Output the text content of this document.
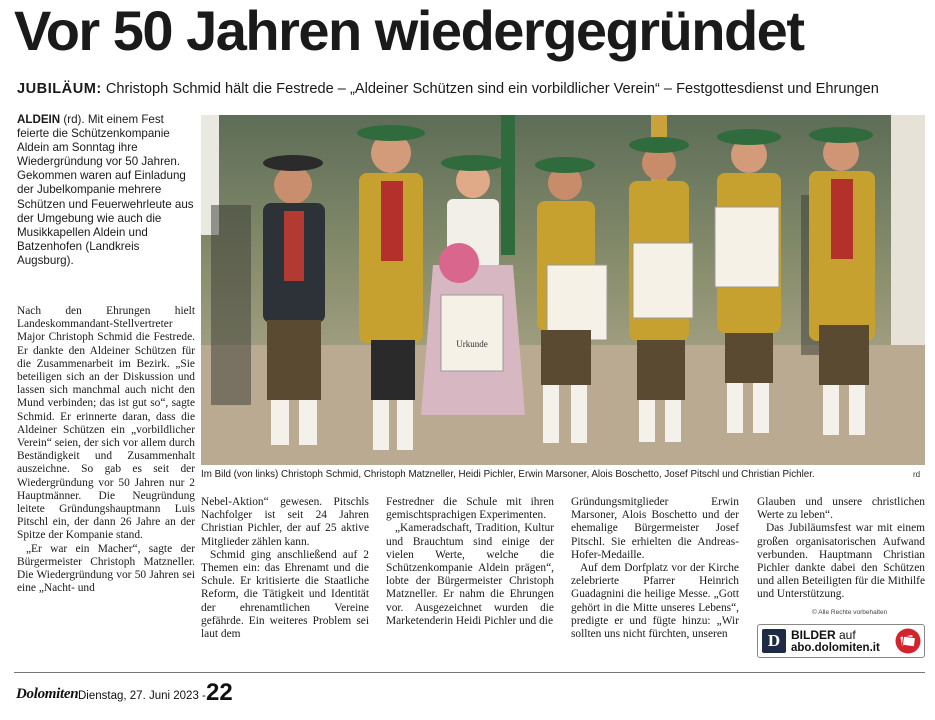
Vor 50 Jahren wiedergegründet
JUBILÄUM: Christoph Schmid hält die Festrede – „Aldeiner Schützen sind ein vorbildlicher Verein“ – Festgottesdienst und Ehrungen

ALDEIN (rd). Mit einem Fest feierte die Schützenkompanie Aldein am Sonntag ihre Wiedergründung vor 50 Jahren. Gekommen waren auf Einladung der Jubelkompanie mehrere Schützen und Feuerwehrleute aus der Umgebung wie auch die Musikkapellen Aldein und Batzenhofen (Landkreis Augsburg).

Nach den Ehrungen hielt Landeskommandant-Stellvertreter Major Christoph Schmid die Festrede. Er dankte den Aldeiner Schützen für die Zusammenarbeit im Bezirk. „Sie beteiligen sich an der Diskussion und lassen sich manchmal auch nicht den Mund verbinden; das ist gut so“, sagte Schmid. Er erinnerte daran, dass die Aldeiner Schützen ein „vorbildlicher Verein“ seien, der sich vor allem durch Beständigkeit und Zusammenhalt auszeichne. So gab es seit der Wiedergründung vor 50 Jahren nur 2 Hauptmänner. Die Neugründung leitete Gründungshauptmann Luis Pitschl ein, der dann 26 Jahre an der Spitze der Kompanie stand.

„Er war ein Macher“, sagte der Bürgermeister Christoph Matzneller. Die Wiedergründung vor 50 Jahren sei eine „Nacht- und

Urkunde
Im Bild (von links) Christoph Schmid, Christoph Matzneller, Heidi Pichler, Erwin Marsoner, Alois Boschetto, Josef Pitschl und Christian Pichler.	rd

Nebel-Aktion“ gewesen. Pitschls Nachfolger ist seit 24 Jahren Christian Pichler, der auf 25 aktive Mitglieder zählen kann.

Schmid ging anschließend auf 2 Themen ein: das Ehrenamt und die Schule. Er kritisierte die Staatliche Reform, die Tätigkeit und Identität der ehrenamtlichen Vereine gefährde. Ein weiteres Problem sei laut dem

Festredner die Schule mit ihren gemischtsprachigen Experimenten.

„Kameradschaft, Tradition, Kultur und Brauchtum sind einige der vielen Werte, welche die Schützenkompanie Aldein prägen“, lobte der Bürgermeister Christoph Matzneller. Er nahm die Ehrungen vor. Ausgezeichnet wurden die Marketenderin Heidi Pichler und die

Gründungsmitglieder Erwin Marsoner, Alois Boschetto und der ehemalige Bürgermeister Josef Pitschl. Sie erhielten die Andreas-Hofer-Medaille.

Auf dem Dorfplatz vor der Kirche zelebrierte Pfarrer Heinrich Guadagnini die heilige Messe. „Gott gehört in die Mitte unseres Lebens“, predigte er und fügte hinzu: „Wir sollten uns nicht fürchten, unseren

Glauben und unsere christlichen Werte zu leben“.

Das Jubiläumsfest war mit einem großen organisatorischen Aufwand verbunden. Hauptmann Christian Pichler dankte dabei den Schützen und allen Beteiligten für die Mithilfe und Unterstützung.

© Alle Rechte vorbehalten
D BILDER auf
abo.dolomiten.it
Dolomiten Dienstag, 27. Juni 2023 - 22
